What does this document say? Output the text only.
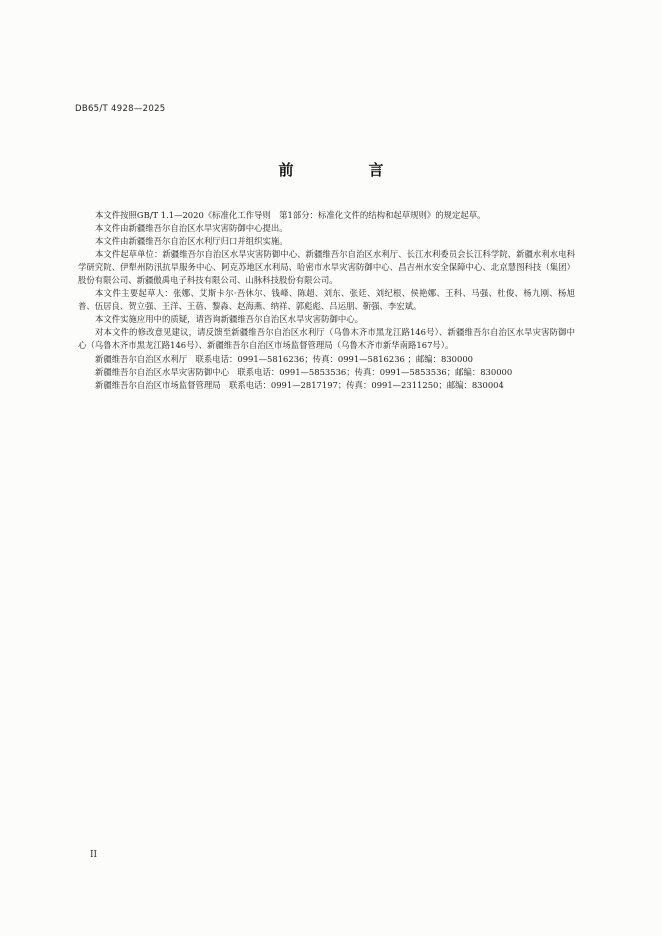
DB65/T 4928—2025
前　言

本文件按照GB/T 1.1—2020《标准化工作导则　第1部分：标准化文件的结构和起草规则》的规定起草。

本文件由新疆维吾尔自治区水旱灾害防御中心提出。

本文件由新疆维吾尔自治区水利厅归口并组织实施。

本文件起草单位：新疆维吾尔自治区水旱灾害防御中心、新疆维吾尔自治区水利厅、长江水利委员会长江科学院、新疆水利水电科学研究院、伊犁州防汛抗旱服务中心、阿克苏地区水利局、哈密市水旱灾害防御中心、昌吉州水安全保障中心、北京慧图科技（集团）股份有限公司、新疆傲禹电子科技有限公司、山脉科技股份有限公司。

本文件主要起草人：张娜、艾斯卡尔·吾休尔、钱峰、陈超、刘东、张廷、刘纪根、侯艳娜、王科、马强、杜俊、杨九刚、杨旭普、伍居良、贺立强、王洋、王蓓、黎淼、赵海燕、纳祥、郭彪彪、吕运朋、靳强、李宏斌。

本文件实施应用中的质疑，请咨询新疆维吾尔自治区水旱灾害防御中心。

对本文件的修改意见建议，请反馈至新疆维吾尔自治区水利厅（乌鲁木齐市黑龙江路146号）、新疆维吾尔自治区水旱灾害防御中心（乌鲁木齐市黑龙江路146号）、新疆维吾尔自治区市场监督管理局（乌鲁木齐市新华南路167号）。

新疆维吾尔自治区水利厅　联系电话：0991—5816236；传真：0991—5816236 ；邮编：830000

新疆维吾尔自治区水旱灾害防御中心　联系电话：0991—5853536；传真：0991—5853536；邮编：830000

新疆维吾尔自治区市场监督管理局　联系电话：0991—2817197；传真：0991—2311250；邮编：830004

II
